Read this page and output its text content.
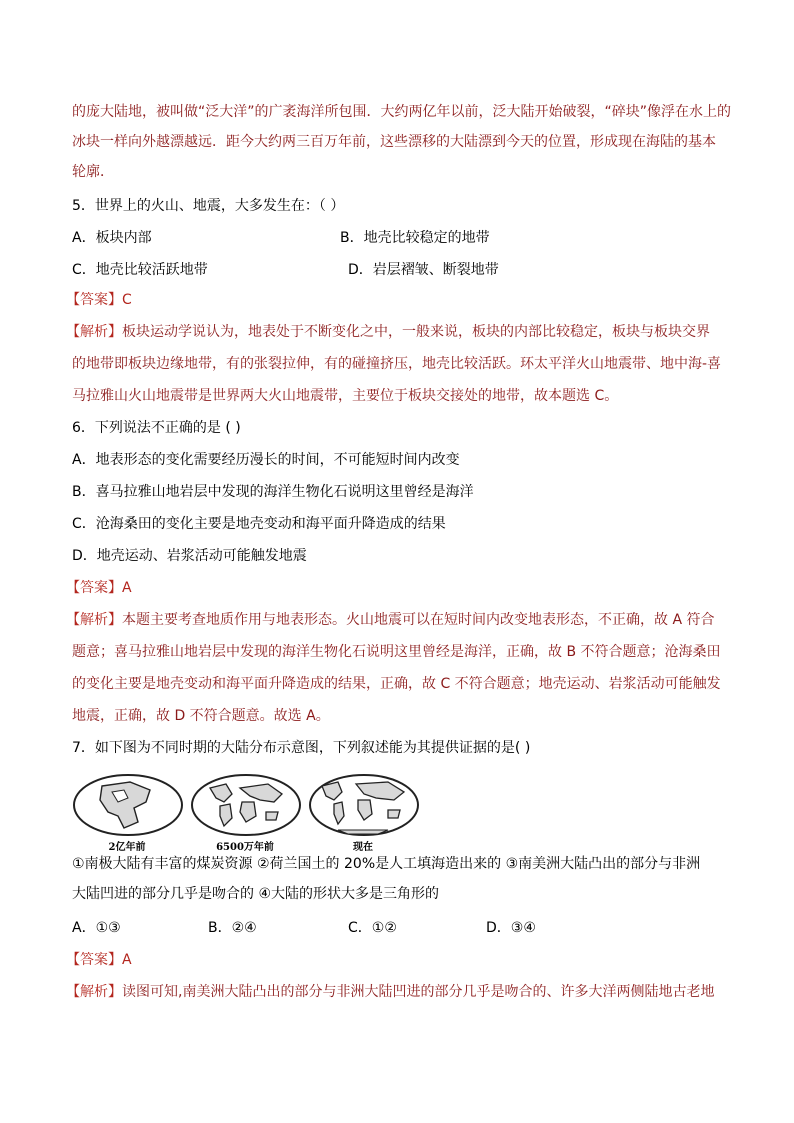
的庞大陆地，被叫做“泛大洋”的广袤海洋所包围．大约两亿年以前，泛大陆开始破裂，“碎块”像浮在水上的
冰块一样向外越漂越远．距今大约两三百万年前，这些漂移的大陆漂到今天的位置，形成现在海陆的基本
轮廓．
5．世界上的火山、地震，大多发生在：（ ）
A．板块内部	B．地壳比较稳定的地带
C．地壳比较活跃地带	D．岩层褶皱、断裂地带
【答案】C
【解析】板块运动学说认为，地表处于不断变化之中，一般来说，板块的内部比较稳定，板块与板块交界
的地带即板块边缘地带，有的张裂拉伸，有的碰撞挤压，地壳比较活跃。环太平洋火山地震带、地中海-喜
马拉雅山火山地震带是世界两大火山地震带，主要位于板块交接处的地带，故本题选 C。
6．下列说法不正确的是 ( )
A．地表形态的变化需要经历漫长的时间，不可能短时间内改变
B．喜马拉雅山地岩层中发现的海洋生物化石说明这里曾经是海洋
C．沧海桑田的变化主要是地壳变动和海平面升降造成的结果
D．地壳运动、岩浆活动可能触发地震
【答案】A
【解析】本题主要考查地质作用与地表形态。火山地震可以在短时间内改变地表形态，不正确，故 A 符合
题意；喜马拉雅山地岩层中发现的海洋生物化石说明这里曾经是海洋，正确，故 B 不符合题意；沧海桑田
的变化主要是地壳变动和海平面升降造成的结果，正确，故 C 不符合题意；地壳运动、岩浆活动可能触发
地震，正确，故 D 不符合题意。故选 A。
7．如下图为不同时期的大陆分布示意图，下列叙述能为其提供证据的是( )
2亿年前	6500万年前	现在
①南极大陆有丰富的煤炭资源 ②荷兰国土的 20%是人工填海造出来的 ③南美洲大陆凸出的部分与非洲
大陆凹进的部分几乎是吻合的 ④大陆的形状大多是三角形的
A．①③	B．②④	C．①②	D．③④
【答案】A
【解析】读图可知,南美洲大陆凸出的部分与非洲大陆凹进的部分几乎是吻合的、许多大洋两侧陆地古老地
